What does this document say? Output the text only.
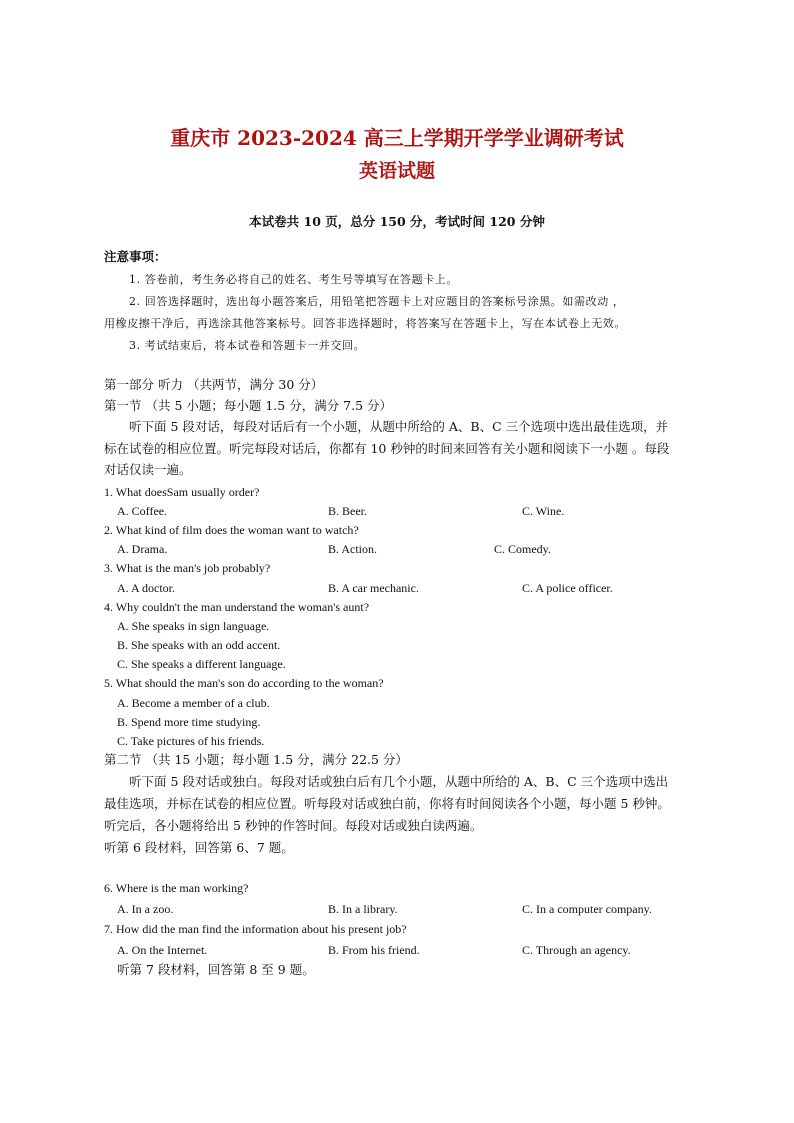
重庆市 2023-2024 高三上学期开学学业调研考试
英语试题
本试卷共 10 页，总分 150 分，考试时间 120 分钟
注意事项：
1. 答卷前，考生务必将自己的姓名、考生号等填写在答题卡上。
2. 回答选择题时，选出每小题答案后，用铅笔把答题卡上对应题目的答案标号涂黑。如需改动 ，
用橡皮擦干净后，再选涂其他答案标号。回答非选择题时，将答案写在答题卡上，写在本试卷上无效。
3. 考试结束后，将本试卷和答题卡一并交回。
第一部分 听力 （共两节，满分 30 分）
第一节 （共 5 小题；每小题 1.5 分，满分 7.5 分）
听下面 5 段对话，每段对话后有一个小题，从题中所给的 A、B、C 三个选项中选出最佳选项，并
标在试卷的相应位置。听完每段对话后，你都有 10 秒钟的时间来回答有关小题和阅读下一小题 。每段
对话仅读一遍。
1. What doesSam usually order?
A. Coffee.	B. Beer.	C. Wine.
2. What kind of film does the woman want to watch?
A. Drama.	B. Action.	C. Comedy.
3. What is the man's job probably?
A. A doctor.	B. A car mechanic.	C. A police officer.
4. Why couldn't the man understand the woman's aunt?
A. She speaks in sign language.
B. She speaks with an odd accent.
C. She speaks a different language.
5. What should the man's son do according to the woman?
A. Become a member of a club.
B. Spend more time studying.
C. Take pictures of his friends.
第二节 （共 15 小题；每小题 1.5 分，满分 22.5 分）
听下面 5 段对话或独白。每段对话或独白后有几个小题，从题中所给的 A、B、C 三个选项中选出
最佳选项，并标在试卷的相应位置。听每段对话或独白前，你将有时间阅读各个小题，每小题 5 秒钟。
听完后，各小题将给出 5 秒钟的作答时间。每段对话或独白读两遍。
听第 6 段材料，回答第 6、7 题。
6. Where is the man working?
A. In a zoo.	B. In a library.	C. In a computer company.
7. How did the man find the information about his present job?
A. On the Internet.	B. From his friend.	C. Through an agency.
听第 7 段材料，回答第 8 至 9 题。
